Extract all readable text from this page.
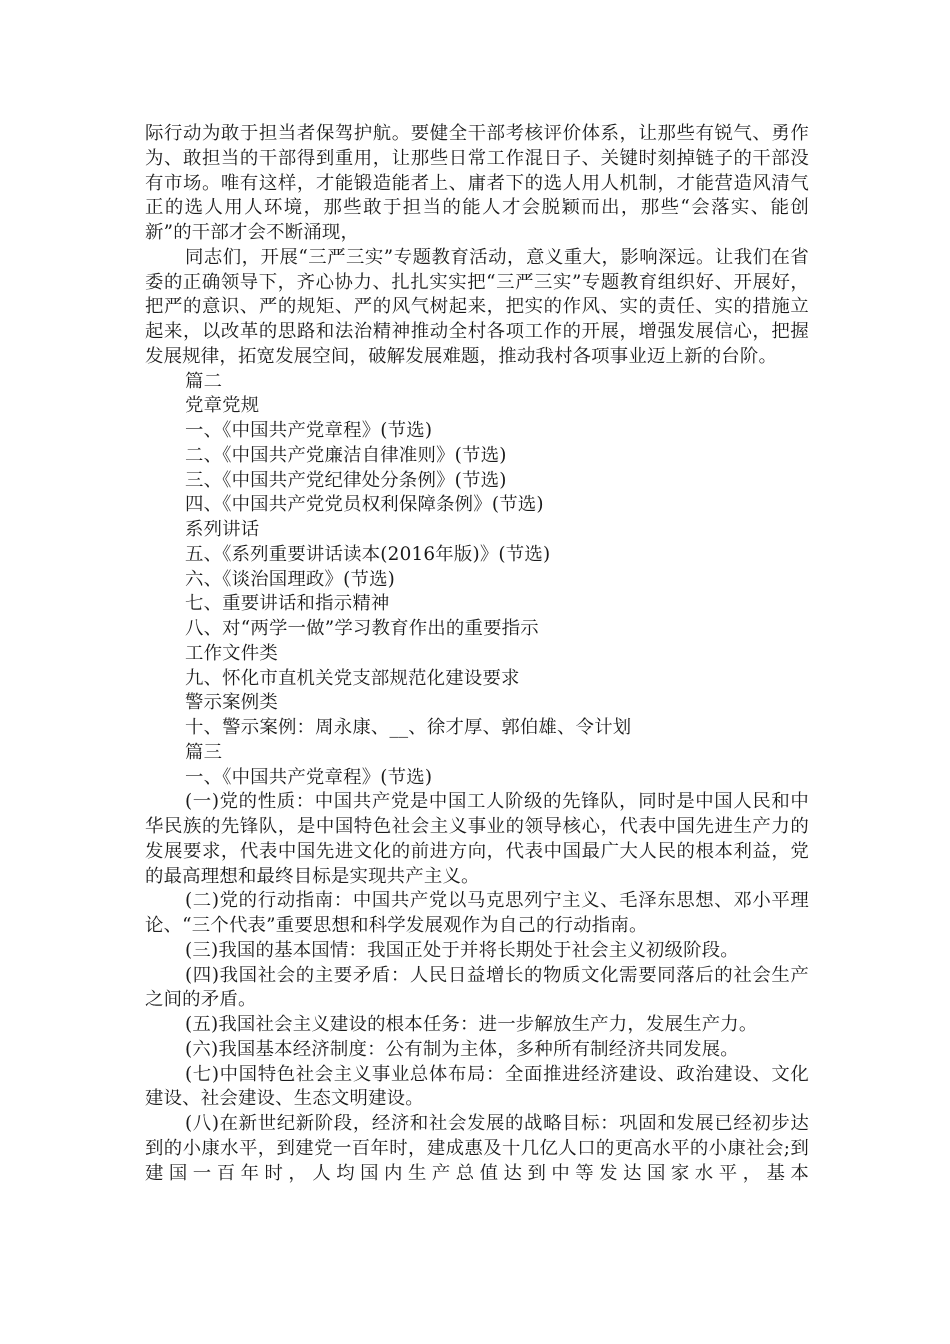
际行动为敢于担当者保驾护航。要健全干部考核评价体系，让那些有锐气、勇作为、敢担当的干部得到重用，让那些日常工作混日子、关键时刻掉链子的干部没有市场。唯有这样，才能锻造能者上、庸者下的选人用人机制，才能营造风清气正的选人用人环境，那些敢于担当的能人才会脱颖而出，那些“会落实、能创新”的干部才会不断涌现，

同志们，开展“三严三实”专题教育活动，意义重大，影响深远。让我们在省委的正确领导下，齐心协力、扎扎实实把“三严三实”专题教育组织好、开展好，把严的意识、严的规矩、严的风气树起来，把实的作风、实的责任、实的措施立起来，以改革的思路和法治精神推动全村各项工作的开展，增强发展信心，把握发展规律，拓宽发展空间，破解发展难题，推动我村各项事业迈上新的台阶。

篇二

党章党规

一、《中国共产党章程》(节选)

二、《中国共产党廉洁自律准则》(节选)

三、《中国共产党纪律处分条例》(节选)

四、《中国共产党党员权利保障条例》(节选)

系列讲话

五、《系列重要讲话读本(2016年版)》(节选)

六、《谈治国理政》(节选)

七、重要讲话和指示精神

八、对“两学一做”学习教育作出的重要指示

工作文件类

九、怀化市直机关党支部规范化建设要求

警示案例类

十、警示案例：周永康、__、徐才厚、郭伯雄、令计划

篇三

一、《中国共产党章程》(节选)

(一)党的性质：中国共产党是中国工人阶级的先锋队，同时是中国人民和中华民族的先锋队，是中国特色社会主义事业的领导核心，代表中国先进生产力的发展要求，代表中国先进文化的前进方向，代表中国最广大人民的根本利益，党的最高理想和最终目标是实现共产主义。

(二)党的行动指南：中国共产党以马克思列宁主义、毛泽东思想、邓小平理论、“三个代表”重要思想和科学发展观作为自己的行动指南。

(三)我国的基本国情：我国正处于并将长期处于社会主义初级阶段。

(四)我国社会的主要矛盾：人民日益增长的物质文化需要同落后的社会生产之间的矛盾。

(五)我国社会主义建设的根本任务：进一步解放生产力，发展生产力。

(六)我国基本经济制度：公有制为主体，多种所有制经济共同发展。

(七)中国特色社会主义事业总体布局：全面推进经济建设、政治建设、文化建设、社会建设、生态文明建设。

(八)在新世纪新阶段，经济和社会发展的战略目标：巩固和发展已经初步达到的小康水平，到建党一百年时，建成惠及十几亿人口的更高水平的小康社会;到建国一百年时，人均国内生产总值达到中等发达国家水平，基本
